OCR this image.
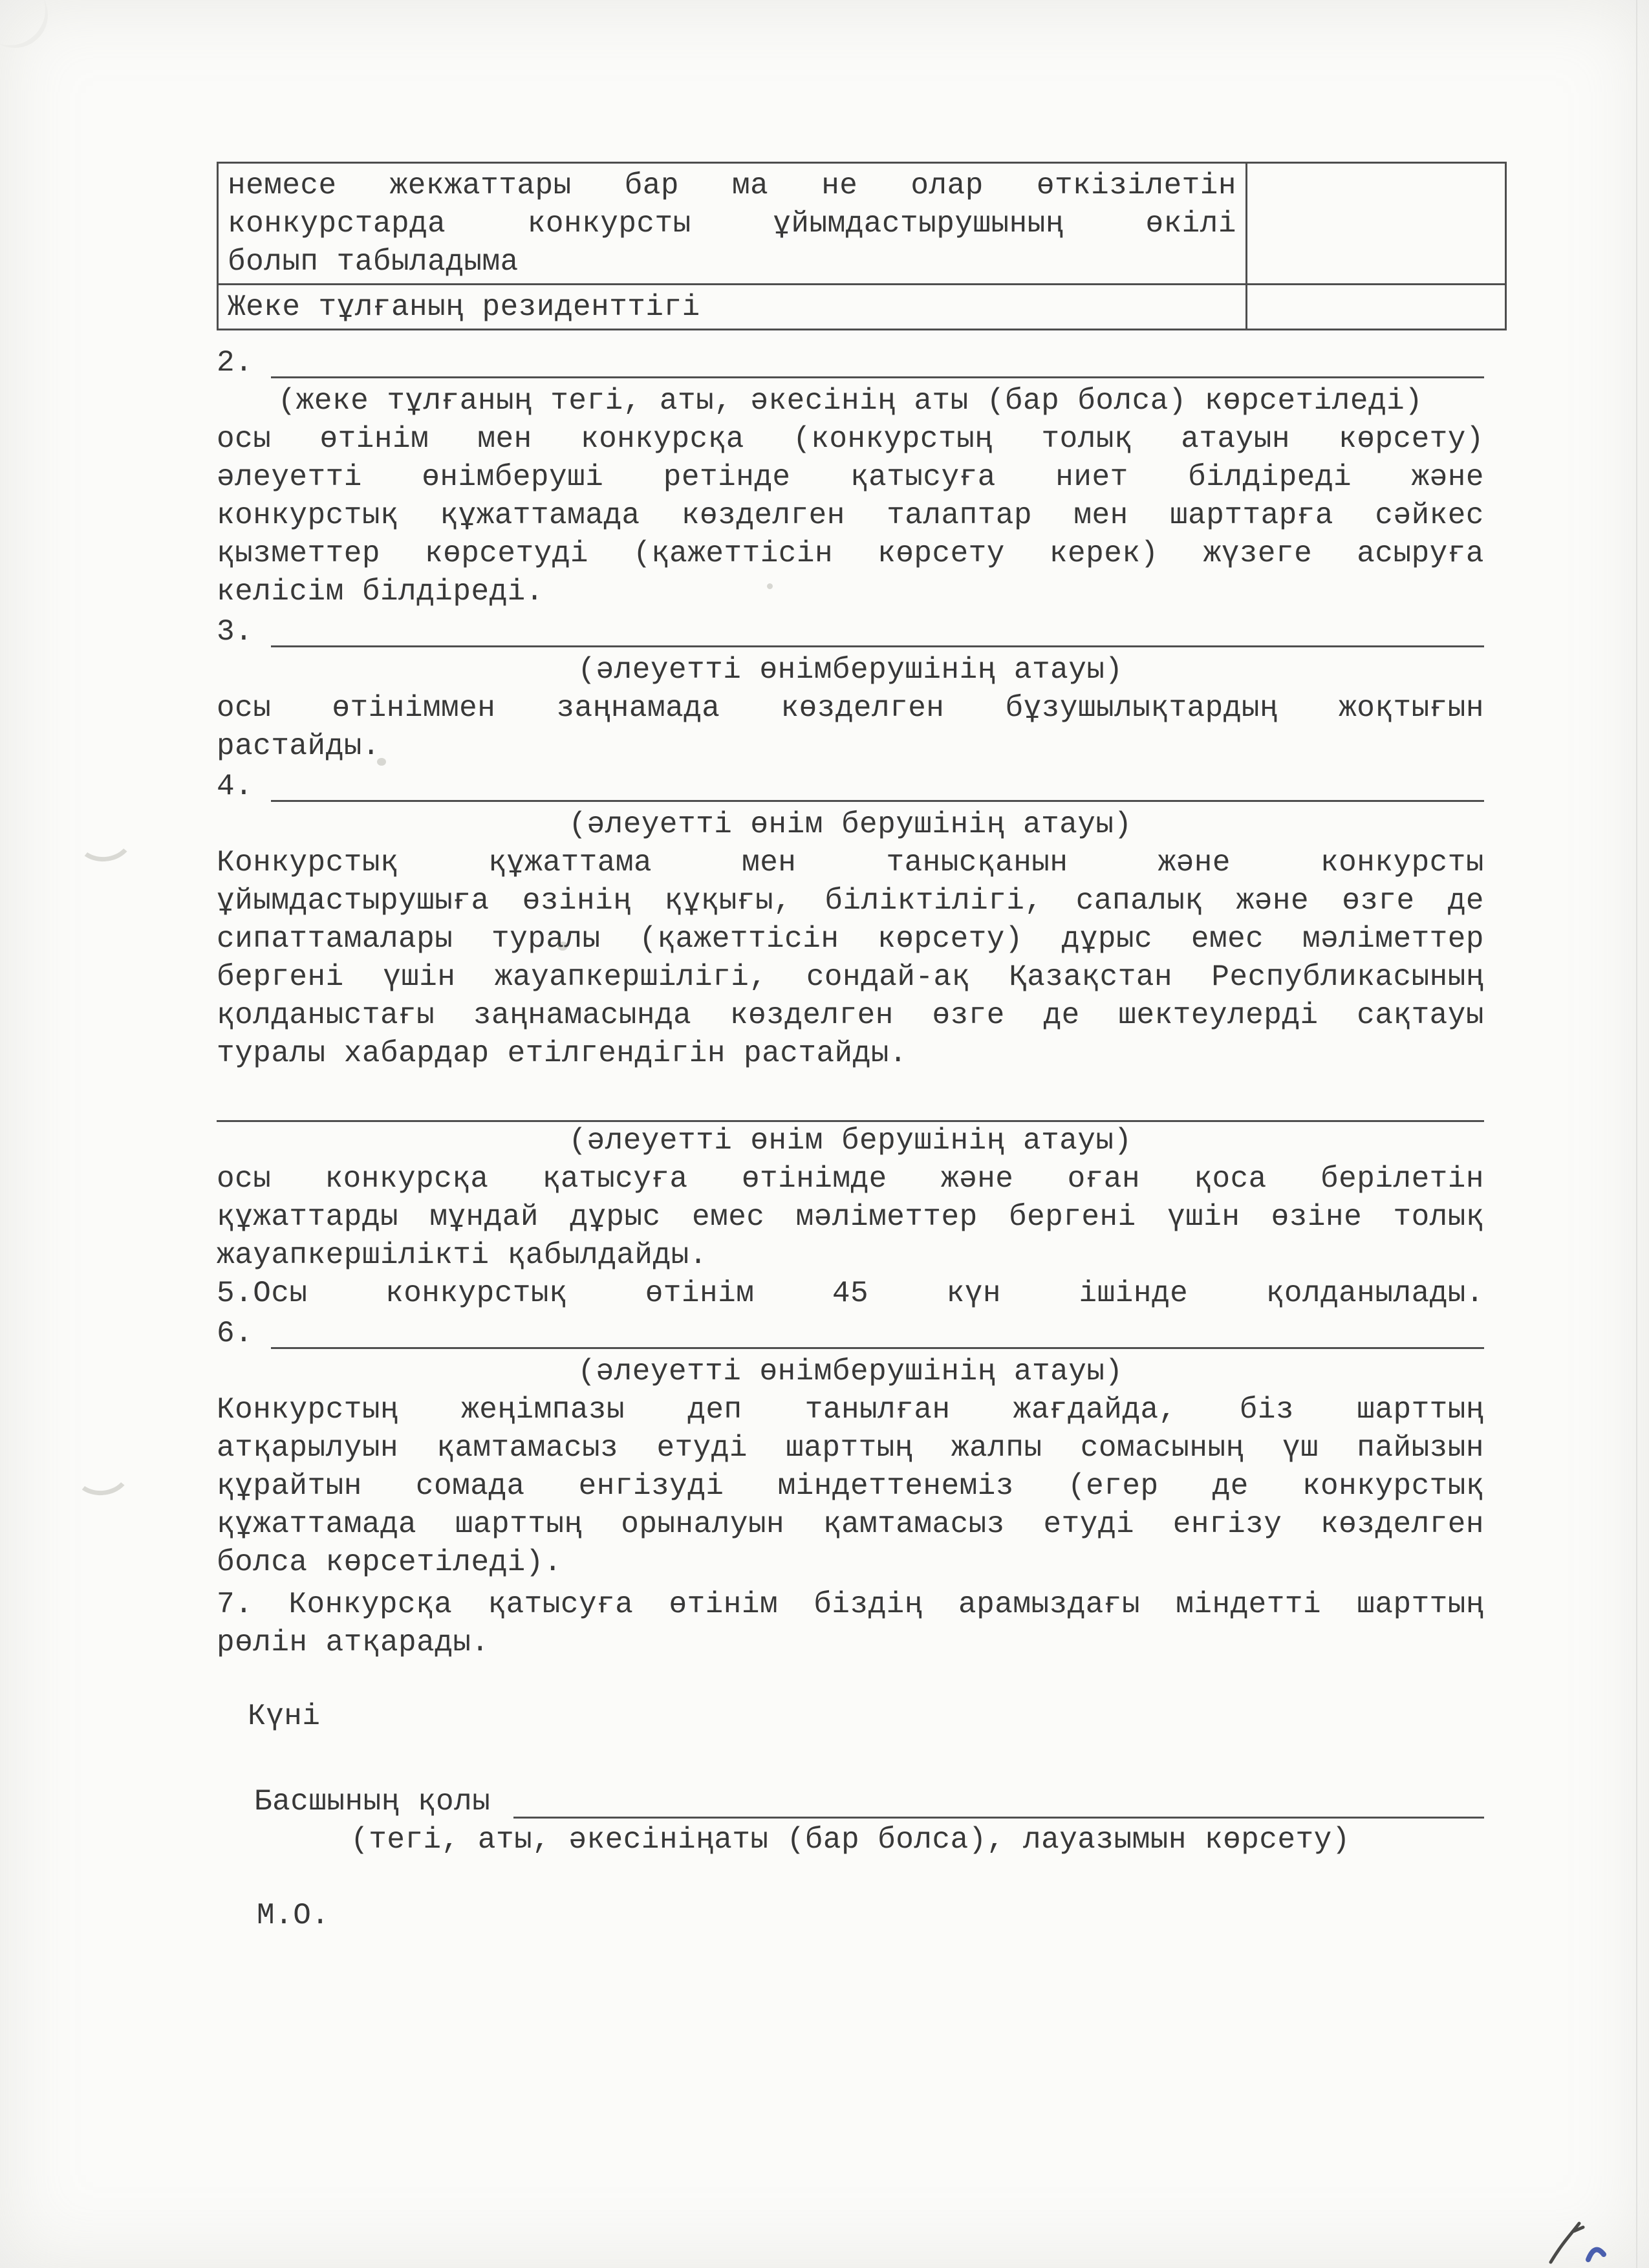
немесе жекжаттары бар ма не олар өткізілетін
конкурстарда конкурсты ұйымдастырушының өкілі
болып табыладыма	

Жеке тұлғаның резиденттігі	

2.
(жеке тұлғаның тегі, аты, әкесінің аты (бар болса) көрсетіледі)
осы өтінім мен конкурсқа (конкурстың толық атауын көрсету)
әлеуетті өнімберуші ретінде қатысуға ниет білдіреді және
конкурстық құжаттамада көзделген талаптар мен шарттарға сәйкес
қызметтер көрсетуді (қажеттісін көрсету керек) жүзеге асыруға
келісім білдіреді.
3.
(әлеуетті өнімберушінің атауы)
осы өтініммен заңнамада көзделген бұзушылықтардың жоқтығын
растайды.
4.
(әлеуетті өнім берушінің атауы)
Конкурстық құжаттама мен танысқанын және конкурсты
ұйымдастырушыға өзінің құқығы, біліктілігі, сапалық және өзге де
сипаттамалары туралы (қажеттісін көрсету) дұрыс емес мәліметтер
бергені үшін жауапкершілігі, сондай-ақ Қазақстан Республикасының
қолданыстағы заңнамасында көзделген өзге де шектеулерді сақтауы
туралы хабардар етілгендігін растайды.
(әлеуетті өнім берушінің атауы)
осы конкурсқа қатысуға өтінімде және оған қоса берілетін
құжаттарды мұндай дұрыс емес мәліметтер бергені үшін өзіне толық
жауапкершілікті қабылдайды.
5.Осы конкурстық өтінім 45 күн ішінде қолданылады.
6.
(әлеуетті өнімберушінің атауы)
Конкурстың жеңімпазы деп танылған жағдайда, біз шарттың
атқарылуын қамтамасыз етуді шарттың жалпы сомасының үш пайызын
құрайтын сомада енгізуді міндеттенеміз (егер де конкурстық
құжаттамада шарттың орыналуын қамтамасыз етуді енгізу көзделген
болса көрсетіледі).
7. Конкурсқа қатысуға өтінім біздің арамыздағы міндетті шарттың
рөлін атқарады.
Күні
Басшының қолы
(тегі, аты, әкесініңаты (бар болса), лауазымын көрсету)
М.О.
